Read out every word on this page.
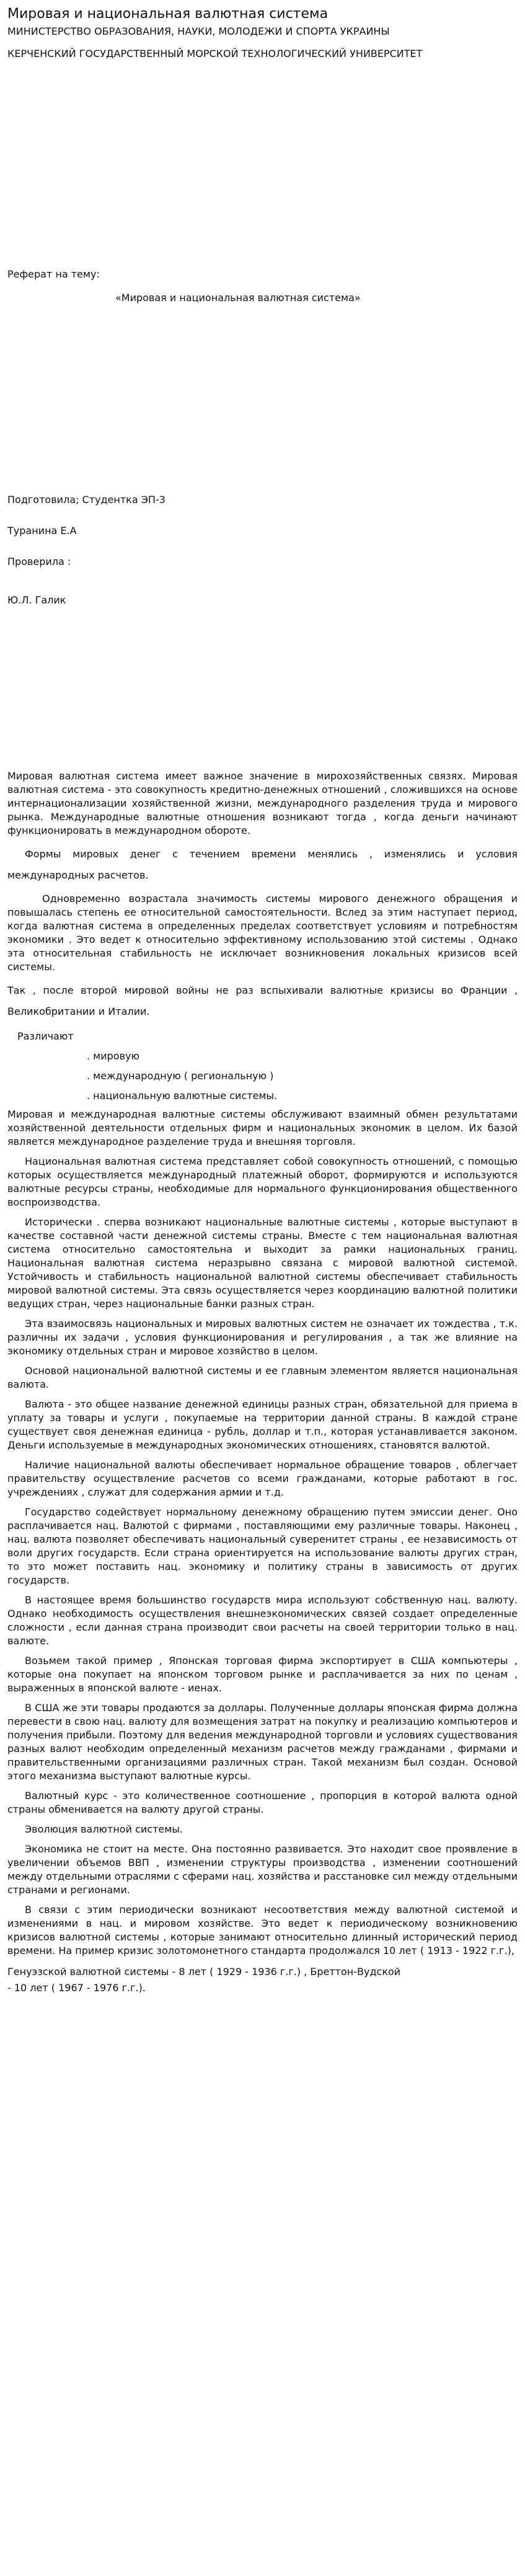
Мировая и национальная валютная система
МИНИСТЕРСТВО ОБРАЗОВАНИЯ, НАУКИ, МОЛОДЕЖИ И СПОРТА УКРАИНЫ
КЕРЧЕНСКИЙ ГОСУДАРСТВЕННЫЙ МОРСКОЙ ТЕХНОЛОГИЧЕСКИЙ УНИВЕРСИТЕТ
Реферат на тему:
«Мировая и национальная валютная система»
Подготовила; Студентка ЭП-3
Туранина Е.А
Проверила :
Ю.Л. Галик

Мировая валютная система имеет важное значение в мирохозяйственных связях. Мировая валютная система - это совокупность кредитно-денежных отношений , сложившихся на основе интернационализации хозяйственной жизни, международного разделения труда и мирового рынка. Международные валютные отношения возникают тогда , когда деньги начинают функционировать в международном обороте.

Формы мировых денег с течением времени менялись , изменялись и условия международных расчетов.

Одновременно возрастала значимость системы мирового денежного обращения и повышалась степень ее относительной самостоятельности. Вслед за этим наступает период, когда валютная система в определенных пределах соответствует условиям и потребностям экономики . Это ведет к относительно эффективному использованию этой системы . Однако эта относительная стабильность не исключает возникновения локальных кризисов всей системы.

Так , после второй мировой войны не раз вспыхивали валютные кризисы во Франции , Великобритании и Италии.

Различают
. мировую
. международную ( региональную )
. национальную валютные системы.

Мировая и международная валютные системы обслуживают взаимный обмен результатами хозяйственной деятельности отдельных фирм и национальных экономик в целом. Их базой является международное разделение труда и внешняя торговля.

Национальная валютная система представляет собой совокупность отношений, с помощью которых осуществляется международный платежный оборот, формируются и используются валютные ресурсы страны, необходимые для нормального функционирования общественного воспроизводства.

Исторически . сперва возникают национальные валютные системы , которые выступают в качестве составной части денежной системы страны. Вместе с тем национальная валютная система относительно самостоятельна и выходит за рамки национальных границ. Национальная валютная система неразрывно связана с мировой валютной системой. Устойчивость и стабильность национальной валютной системы обеспечивает стабильность мировой валютной системы. Эта связь осуществляется через координацию валютной политики ведущих стран, через национальные банки разных стран.

Эта взаимосвязь национальных и мировых валютных систем не означает их тождества , т.к. различны их задачи , условия функционирования и регулирования , а так же влияние на экономику отдельных стран и мировое хозяйство в целом.

Основой национальной валютной системы и ее главным элементом является национальная валюта.

Валюта - это общее название денежной единицы разных стран, обязательной для приема в уплату за товары и услуги , покупаемые на территории данной страны. В каждой стране существует своя денежная единица - рубль, доллар и т.п., которая устанавливается законом. Деньги используемые в международных экономических отношениях, становятся валютой.

Наличие национальной валюты обеспечивает нормальное обращение товаров , облегчает правительству осуществление расчетов со всеми гражданами, которые работают в гос. учреждениях , служат для содержания армии и т.д.

Государство содействует нормальному денежному обращению путем эмиссии денег. Оно расплачивается нац. Валютой с фирмами , поставляющими ему различные товары. Наконец , нац. валюта позволяет обеспечивать национальный суверенитет страны , ее независимость от воли других государств. Если страна ориентируется на использование валюты других стран, то это может поставить нац. экономику и политику страны в зависимость от других государств.

В настоящее время большинство государств мира используют собственную нац. валюту. Однако необходимость осуществления внешнеэкономических связей создает определенные сложности , если данная страна производит свои расчеты на своей территории только в нац. валюте.

Возьмем такой пример , Японская торговая фирма экспортирует в США компьютеры , которые она покупает на японском торговом рынке и расплачивается за них по ценам , выраженных в японской валюте - иенах.

В США же эти товары продаются за доллары. Полученные доллары японская фирма должна перевести в свою нац. валюту для возмещения затрат на покупку и реализацию компьютеров и получения прибыли. Поэтому для ведения международной торговли и условиях существования разных валют необходим определенный механизм расчетов между гражданами , фирмами и правительственными организациями различных стран. Такой механизм был создан. Основой этого механизма выступают валютные курсы.

Валютный курс - это количественное соотношение , пропорция в которой валюта одной страны обменивается на валюту другой страны.

Эволюция валютной системы.

Экономика не стоит на месте. Она постоянно развивается. Это находит свое проявление в увеличении объемов ВВП , изменении структуры производства , изменении соотношений между отдельными отраслями с сферами нац. хозяйства и расстановке сил между отдельными странами и регионами.

В связи с этим периодически возникают несоответствия между валютной системой и изменениями в нац. и мировом хозяйстве. Это ведет к периодическому возникновению кризисов валютной системы , которые занимают относительно длинный исторический период времени. На пример кризис золотомонетного стандарта продолжался 10 лет ( 1913 - 1922 г.г.),

Генуэзской валютной системы - 8 лет ( 1929 - 1936 г.г.) , Бреттон-Вудской
- 10 лет ( 1967 - 1976 г.г.).
